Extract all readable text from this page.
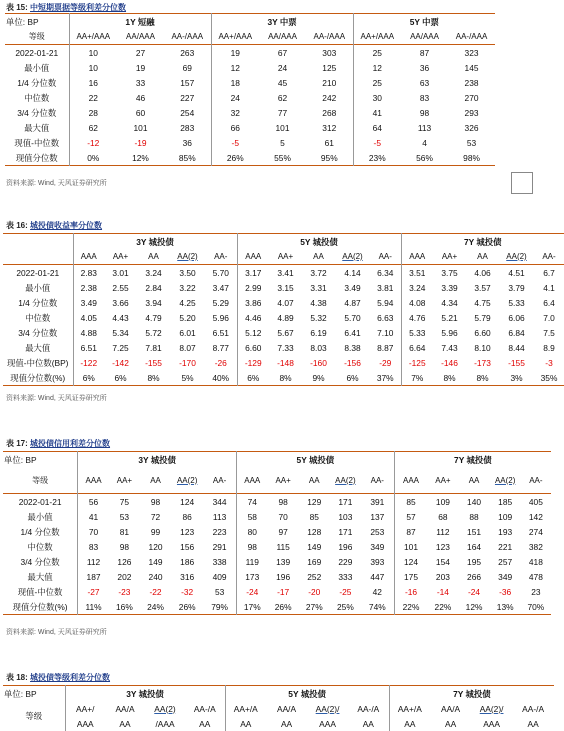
表 15: 中短期票据等级利差分位数
单位: BP	1Y 短融			3Y 中票			5Y 中票		
等级	AA+/AAA	AA/AAA	AA-/AAA	AA+/AAA	AA/AAA	AA-/AAA	AA+/AAA	AA/AAA	AA-/AAA
2022-01-21	10	27	263	19	67	303	25	87	323
最小值	10	19	69	12	24	125	12	36	145
1/4 分位数	16	33	157	18	45	210	25	63	238
中位数	22	46	227	24	62	242	30	83	270
3/4 分位数	28	60	254	32	77	268	41	98	293
最大值	62	101	283	66	101	312	64	113	326
现值-中位数	-12	-19	36	-5	5	61	-5	4	53
现值分位数	0%	12%	85%	26%	55%	95%	23%	56%	98%
资料来源: Wind, 天风证券研究所
表 16: 城投债收益率分位数
	3Y 城投债					5Y 城投债					7Y 城投债				
	AAA	AA+	AA	AA(2)	AA-	AAA	AA+	AA	AA(2)	AA-	AAA	AA+	AA	AA(2)	AA-
2022-01-21	2.83	3.01	3.24	3.50	5.70	3.17	3.41	3.72	4.14	6.34	3.51	3.75	4.06	4.51	6.7
最小值	2.38	2.55	2.84	3.22	3.47	2.99	3.15	3.31	3.49	3.81	3.24	3.39	3.57	3.79	4.1
1/4 分位数	3.49	3.66	3.94	4.25	5.29	3.86	4.07	4.38	4.87	5.94	4.08	4.34	4.75	5.33	6.4
中位数	4.05	4.43	4.79	5.20	5.96	4.46	4.89	5.32	5.70	6.63	4.76	5.21	5.79	6.06	7.0
3/4 分位数	4.88	5.34	5.72	6.01	6.51	5.12	5.67	6.19	6.41	7.10	5.33	5.96	6.60	6.84	7.5
最大值	6.51	7.25	7.81	8.07	8.77	6.60	7.33	8.03	8.38	8.87	6.64	7.43	8.10	8.44	8.9
现值-中位数(BP)	-122	-142	-155	-170	-26	-129	-148	-160	-156	-29	-125	-146	-173	-155	-3
现值分位数(%)	6%	6%	8%	5%	40%	6%	8%	9%	6%	37%	7%	8%	8%	3%	35%
资料来源: Wind, 天风证券研究所
表 17: 城投债信用利差分位数
单位: BP	3Y 城投债					5Y 城投债					7Y 城投债				
等级	AAA	AA+	AA	AA(2)	AA-	AAA	AA+	AA	AA(2)	AA-	AAA	AA+	AA	AA(2)	AA-
2022-01-21	56	75	98	124	344	74	98	129	171	391	85	109	140	185	405
最小值	41	53	72	86	113	58	70	85	103	137	57	68	88	109	142
1/4 分位数	70	81	99	123	223	80	97	128	171	253	87	112	151	193	274
中位数	83	98	120	156	291	98	115	149	196	349	101	123	164	221	382
3/4 分位数	112	126	149	186	338	119	139	169	229	393	124	154	195	257	418
最大值	187	202	240	316	409	173	196	252	333	447	175	203	266	349	478
现值-中位数	-27	-23	-22	-32	53	-24	-17	-20	-25	42	-16	-14	-24	-36	23
现值分位数(%)	11%	16%	24%	26%	79%	17%	26%	27%	25%	74%	22%	22%	12%	13%	70%
资料来源: Wind, 天风证券研究所
表 18: 城投债等级利差分位数
单位: BP	3Y 城投债				5Y 城投债				7Y 城投债			
等级	AA+/	AA/A	AA(2)	AA-/A	AA+/A	AA/A	AA(2)/	AA-/A	AA+/A	AA/A	AA(2)/	AA-/A
	AAA	AA	/AAA	AA	AA	AA	AAA	AA	AA	AA	AAA	AA
